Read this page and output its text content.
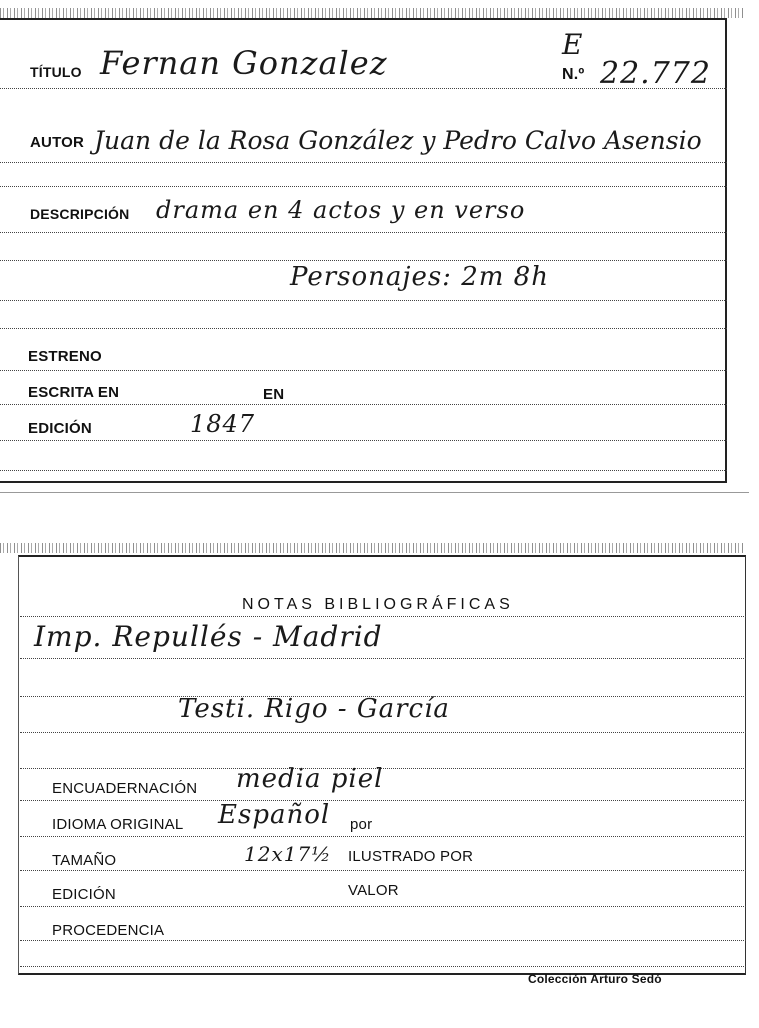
E
N.º 22.772
TÍTULO Fernan Gonzalez
AUTOR Juan de la Rosa González y Pedro Calvo Asensio
DESCRIPCIÓN drama en 4 actos y en verso
Personajes: 2m 8h
ESTRENO
ESCRITA EN	EN
EDICIÓN	1847
NOTAS BIBLIOGRÁFICAS
Imp. Repullés - Madrid
Testi. Rigo - García
ENCUADERNACIÓN media piel
IDIOMA ORIGINAL Español por
TAMAÑO	12x17½ ILUSTRADO POR
EDICIÓN	VALOR
PROCEDENCIA
Colección Arturo Sedó
